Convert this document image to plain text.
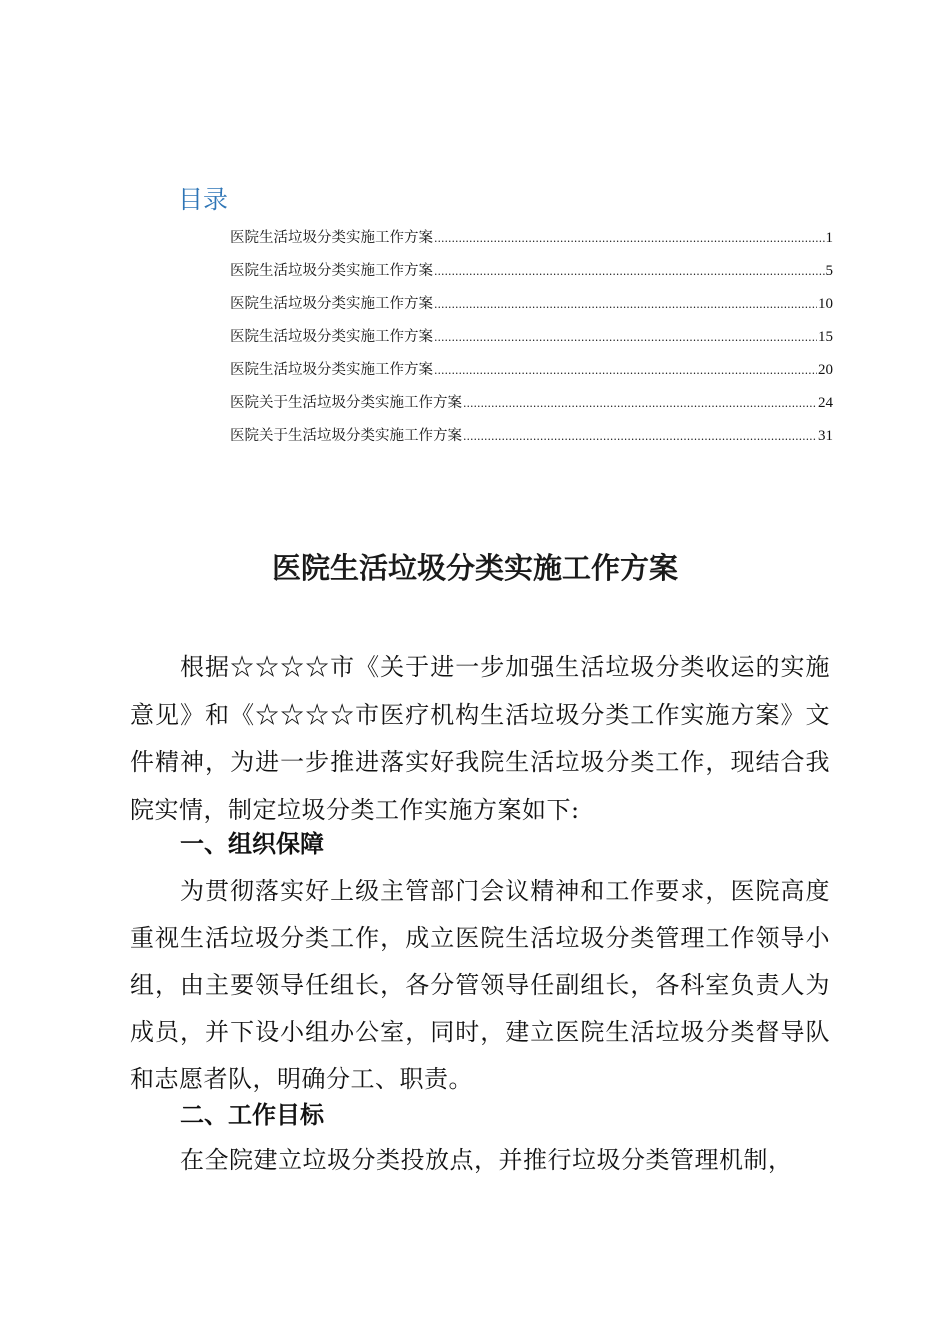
目录
医院生活垃圾分类实施工作方案 .....	1
医院生活垃圾分类实施工作方案 .....	5
医院生活垃圾分类实施工作方案 .....	10
医院生活垃圾分类实施工作方案 .....	15
医院生活垃圾分类实施工作方案 .....	20
医院关于生活垃圾分类实施工作方案 .....	24
医院关于生活垃圾分类实施工作方案 .....	31
医院生活垃圾分类实施工作方案

根据☆☆☆☆市《关于进一步加强生活垃圾分类收运的实施意见》和《☆☆☆☆市医疗机构生活垃圾分类工作实施方案》文件精神，为进一步推进落实好我院生活垃圾分类工作，现结合我院实情，制定垃圾分类工作实施方案如下:

一、组织保障

为贯彻落实好上级主管部门会议精神和工作要求，医院高度重视生活垃圾分类工作，成立医院生活垃圾分类管理工作领导小组，由主要领导任组长，各分管领导任副组长，各科室负责人为成员，并下设小组办公室，同时，建立医院生活垃圾分类督导队和志愿者队，明确分工、职责。

二、工作目标

在全院建立垃圾分类投放点，并推行垃圾分类管理机制，
